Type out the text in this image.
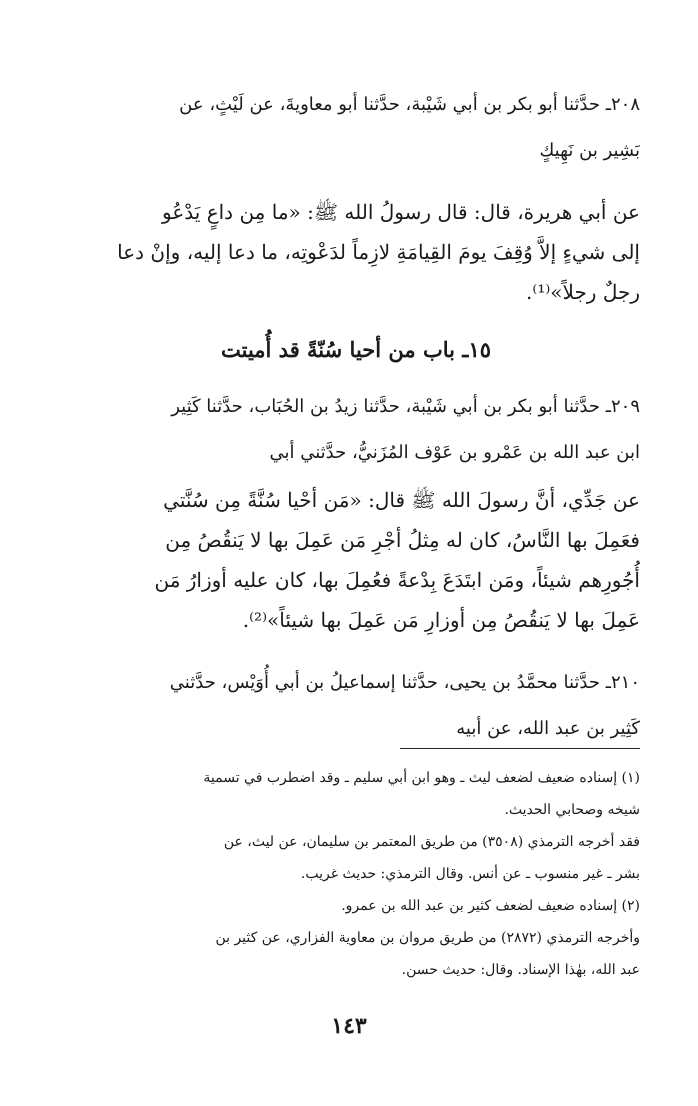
٢٠٨ـ حدَّثنا أبو بكر بن أبي شَيْبة، حدَّثنا أبو معاويةَ، عن لَيْثٍ، عن
بَشِير بن نَهِيكٍ
عن أبي هريرة، قال: قال رسولُ الله ﷺ: «ما مِن داعٍ يَدْعُو
إلى شيءٍ إلاَّ وُقِفَ يومَ القِيامَةِ لازِماً لدَعْوتِه، ما دعا إليه، وإنْ دعا
رجلٌ رجلاً»⁽¹⁾.
١٥ـ باب من أحيا سُنّةً قد أُميتت
٢٠٩ـ حدَّثنا أبو بكر بن أبي شَيْبة، حدَّثنا زيدُ بن الحُبَاب، حدَّثنا كَثِير
ابن عبد الله بن عَمْرو بن عَوْف المُزَنيُّ، حدَّثني أبي
عن جَدِّي، أنَّ رسولَ الله ﷺ قال: «مَن أحْيا سُنَّةً مِن سُنَّتي
فعَمِلَ بها النَّاسُ، كان له مِثلُ أجْرِ مَن عَمِلَ بها لا يَنقُصُ مِن
أُجُورِهم شيئاً، ومَن ابتَدَعَ بِدْعةً فعُمِلَ بها، كان عليه أوزارُ مَن
عَمِلَ بها لا يَنقُصُ مِن أوزارِ مَن عَمِلَ بها شيئاً»⁽²⁾.
٢١٠ـ حدَّثنا محمَّدُ بن يحيى، حدَّثنا إسماعيلُ بن أبي أُوَيْس، حدَّثني
كَثِير بن عبد الله، عن أبيه
(١) إسناده ضعيف لضعف ليث ـ وهو ابن أبي سليم ـ وقد اضطرب في تسمية
شيخه وصحابي الحديث.
فقد أخرجه الترمذي (٣٥٠٨) من طريق المعتمر بن سليمان، عن ليث، عن
بشر ـ غير منسوب ـ عن أنس. وقال الترمذي: حديث غريب.
(٢) إسناده ضعيف لضعف كثير بن عبد الله بن عمرو.
وأخرجه الترمذي (٢٨٧٢) من طريق مروان بن معاوية الفزاري، عن كثير بن
عبد الله، بهٰذا الإسناد. وقال: حديث حسن.

١٤٣
